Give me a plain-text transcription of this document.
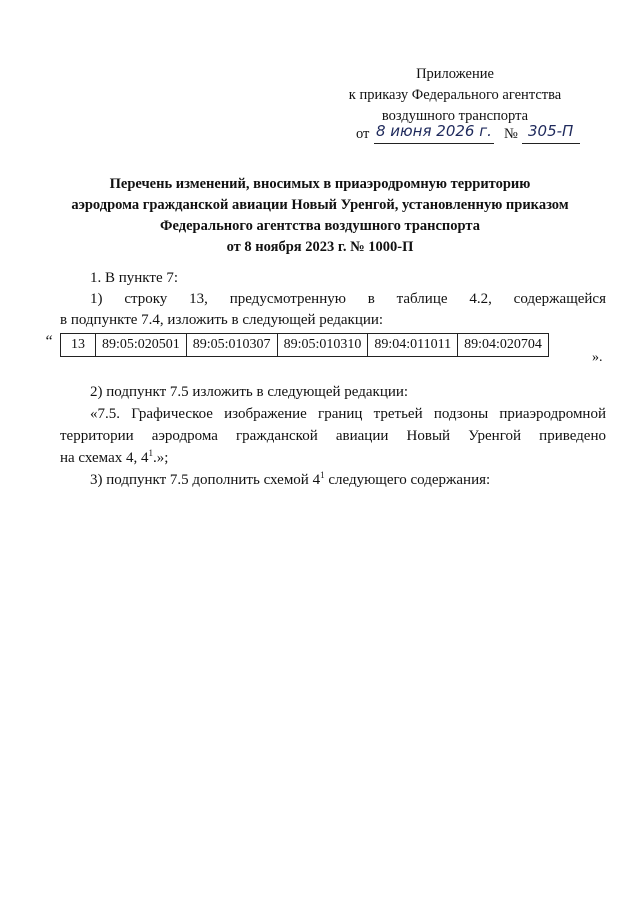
Приложение
к приказу Федерального агентства
воздушного транспорта
от 8 июня 2026 г. № 305-П
Перечень изменений, вносимых в приаэродромную территорию
аэродрома гражданской авиации Новый Уренгой, установленную приказом
Федерального агентства воздушного транспорта
от 8 ноября 2023 г. № 1000-П
1. В пункте 7:
1) строку 13, предусмотренную в таблице 4.2, содержащейся
в подпункте 7.4, изложить в следующей редакции:
“ 13	89:05:020501	89:05:010307	89:05:010310	89:04:011011	89:04:020704
».
2) подпункт 7.5 изложить в следующей редакции:
«7.5. Графическое изображение границ третьей подзоны приаэродромной
территории аэродрома гражданской авиации Новый Уренгой приведено
на схемах 4, $4^1$.»;
3) подпункт 7.5 дополнить схемой $4^1$ следующего содержания:
